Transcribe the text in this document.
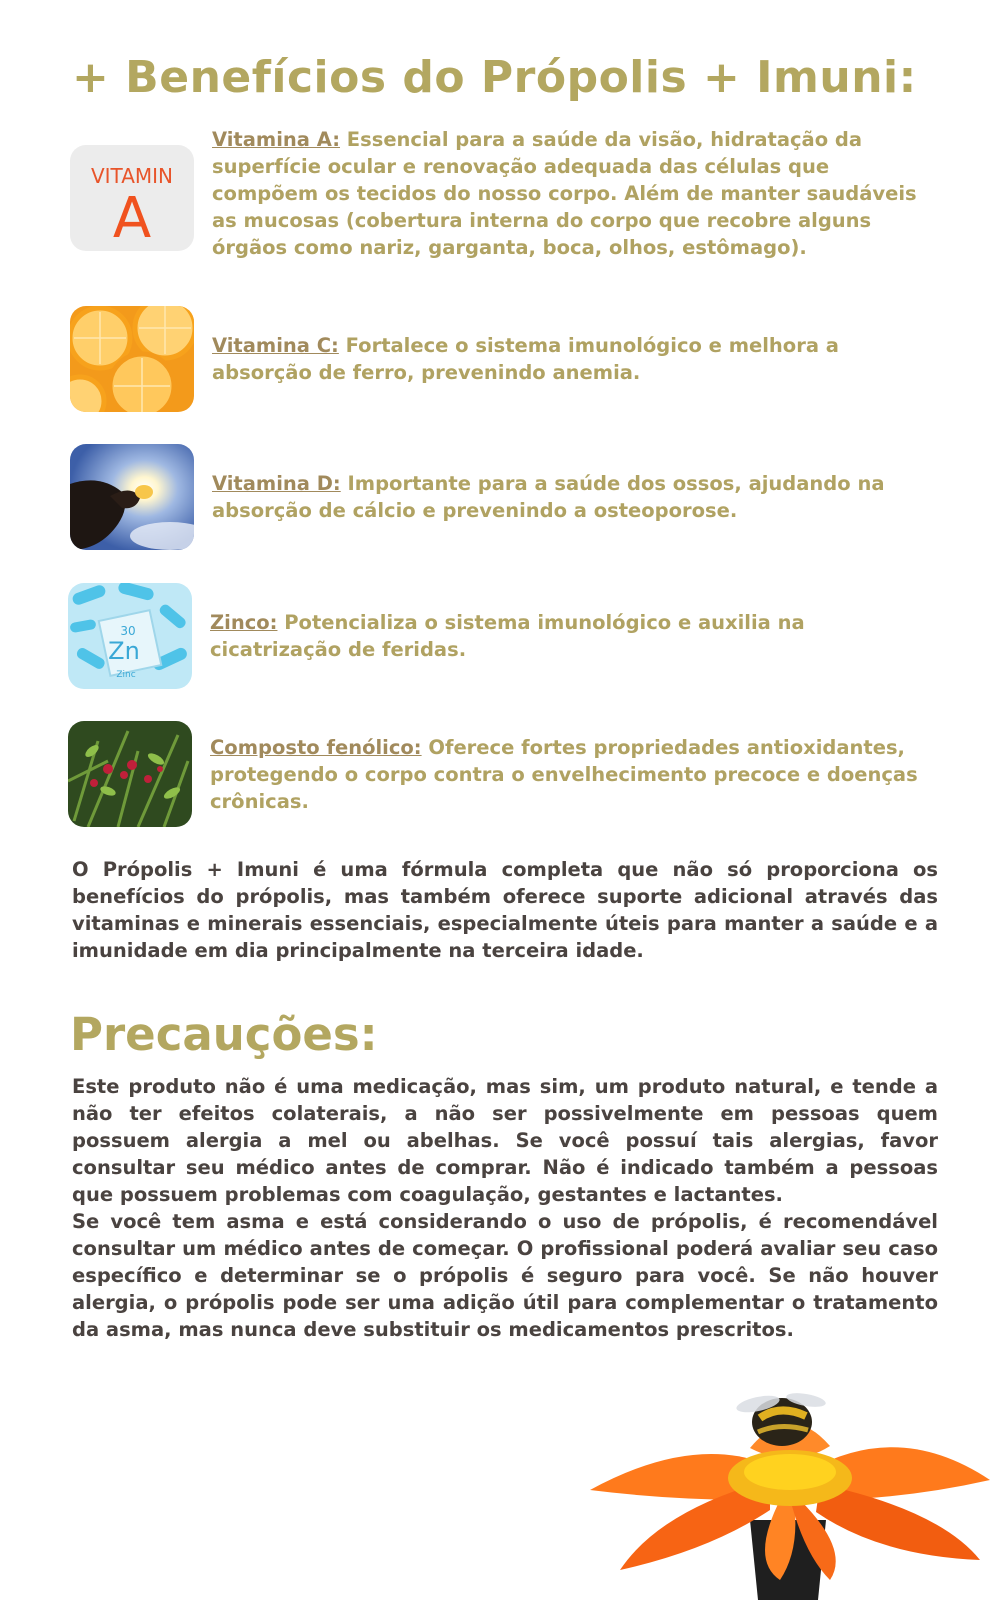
+ Benefícios do Própolis + Imuni:
VITAMIN
A
Vitamina A: Essencial para a saúde da visão, hidratação da superfície ocular e renovação adequada das células que compõem os tecidos do nosso corpo. Além de manter saudáveis as mucosas (cobertura interna do corpo que recobre alguns órgãos como nariz, garganta, boca, olhos, estômago).
Vitamina C: Fortalece o sistema imunológico e melhora a absorção de ferro, prevenindo anemia.
Vitamina D: Importante para a saúde dos ossos, ajudando na absorção de cálcio e prevenindo a osteoporose.
30
Zn
Zinc
Zinco: Potencializa o sistema imunológico e auxilia na cicatrização de feridas.
Composto fenólico: Oferece fortes propriedades antioxidantes, protegendo o corpo contra o envelhecimento precoce e doenças crônicas.

O Própolis + Imuni é uma fórmula completa que não só proporciona os benefícios do própolis, mas também oferece suporte adicional através das vitaminas e minerais essenciais, especialmente úteis para manter a saúde e a imunidade em dia principalmente na terceira idade.

Precauções:

Este produto não é uma medicação, mas sim, um produto natural, e tende a não ter efeitos colaterais, a não ser possivelmente em pessoas quem possuem alergia a mel ou abelhas. Se você possuí tais alergias, favor consultar seu médico antes de comprar. Não é indicado também a pessoas que possuem problemas com coagulação, gestantes e lactantes.

Se você tem asma e está considerando o uso de própolis, é recomendável consultar um médico antes de começar. O profissional poderá avaliar seu caso específico e determinar se o própolis é seguro para você. Se não houver alergia, o própolis pode ser uma adição útil para complementar o tratamento da asma, mas nunca deve substituir os medicamentos prescritos.
